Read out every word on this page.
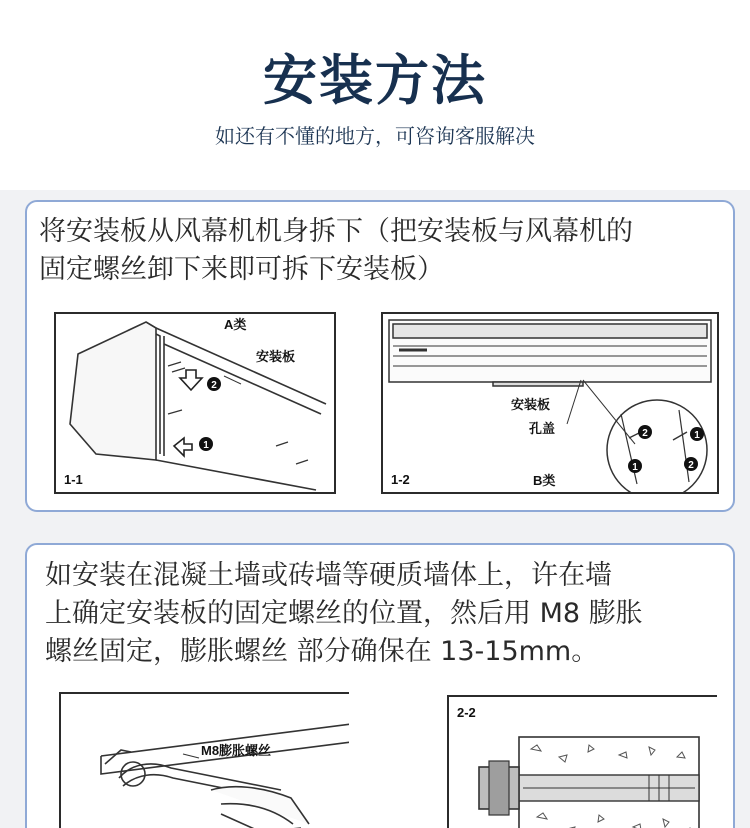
安装方法
如还有不懂的地方，可咨询客服解决
将安装板从风幕机机身拆下（把安装板与风幕机的
固定螺丝卸下来即可拆下安装板）
2
1
A类
安装板
1-1
2	1
1	2
安装板
孔盖
1-2	B类
如安装在混凝土墙或砖墙等硬质墙体上，许在墙
上确定安装板的固定螺丝的位置，然后用 M8 膨胀
螺丝固定，膨胀螺丝 部分确保在 13-15mm。
M8膨胀螺丝
2-2
